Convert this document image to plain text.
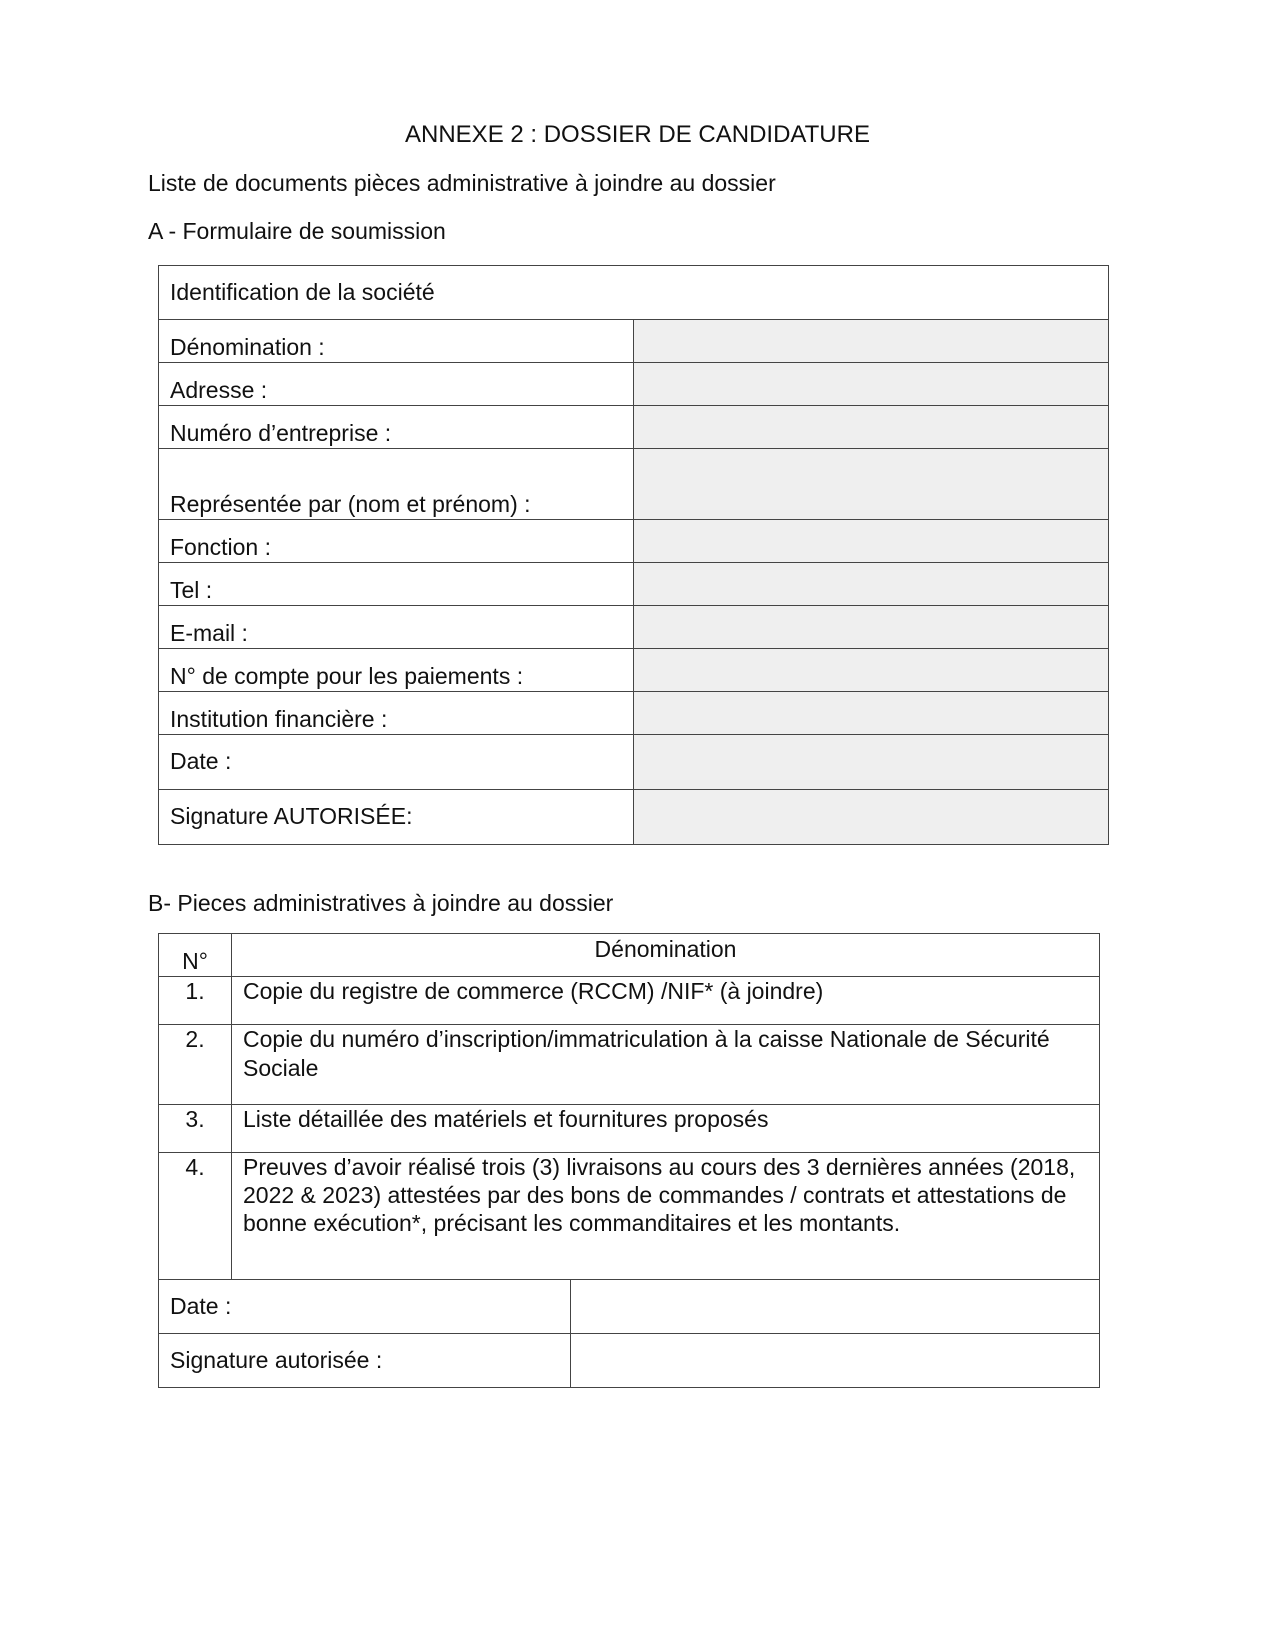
ANNEXE 2 : DOSSIER DE CANDIDATURE
Liste de documents pièces administrative à joindre au dossier
A - Formulaire de soumission
Identification de la société	
Dénomination :	
Adresse :	
Numéro d’entreprise :	
Représentée par (nom et prénom) :	
Fonction :	
Tel :	
E-mail :	
N° de compte pour les paiements :	
Institution financière :	
Date :	
Signature AUTORISÉE:	
B- Pieces administratives à joindre au dossier
N°	Dénomination	
1.	Copie du registre de commerce (RCCM) /NIF* (à joindre)	
2.	Copie du numéro d’inscription/immatriculation à la caisse Nationale de Sécurité Sociale	
3.	Liste détaillée des matériels et fournitures proposés	
4.	Preuves d’avoir réalisé trois (3) livraisons au cours des 3 dernières années (2018, 2022 & 2023) attestées par des bons de commandes / contrats et attestations de bonne exécution*, précisant les commanditaires et les montants.	
Date :		
Signature autorisée :		
